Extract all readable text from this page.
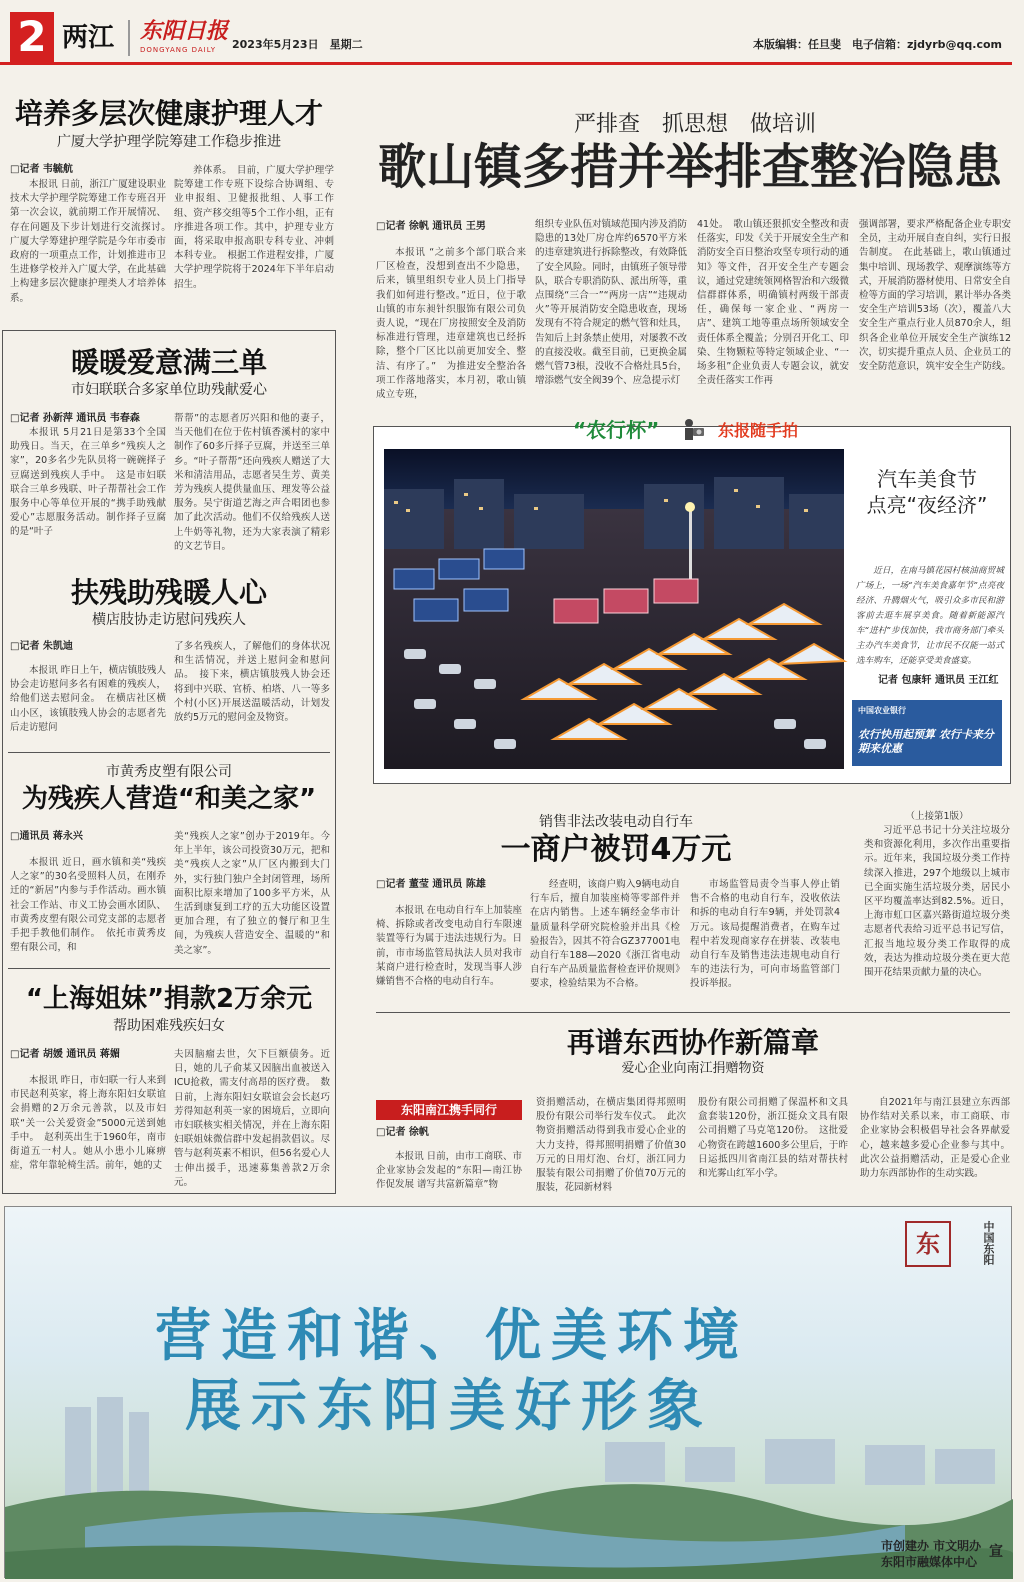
2 两江 东阳日报
DONGYANG DAILY 2023年5月23日　星期二	本版编辑：任旦斐　电子信箱：zjdyrb@qq.com
培养多层次健康护理人才
广厦大学护理学院筹建工作稳步推进
□记者 韦毓航
本报讯 日前，浙江广厦建设职业技术大学护理学院筹建工作专班召开第一次会议，就前期工作开展情况、存在问题及下步计划进行交流探讨。　广厦大学筹建护理学院是今年市委市政府的一项重点工作，计划推进市卫生进修学校并入广厦大学，在此基础上构建多层次健康护理类人才培养体系。
养体系。　目前，广厦大学护理学院筹建工作专班下设综合协调组、专业申报组、卫健报批组、人事工作组、资产移交组等5个工作小组，正有序推进各项工作。其中，护理专业方面，将采取申报高职专科专业、冲刺本科专业。　根据工作进程安排，广厦大学护理学院将于2024年下半年启动招生。
暖暖爱意满三单
市妇联联合多家单位助残献爱心
□记者 孙新萍 通讯员 韦春森
本报讯 5月21日是第33个全国助残日。当天，在三单乡“残疾人之家”，20多名少先队员将一碗碗择子豆腐送到残疾人手中。　这是市妇联联合三单乡残联、叶子帮帮社会工作服务中心等单位开展的“携手助残献爱心”志愿服务活动。制作择子豆腐的是“叶子
帮帮”的志愿者厉兴阳和他的妻子，当天他们在位于佐村镇香溪村的家中制作了60多斤择子豆腐，并送至三单乡。“叶子帮帮”还向残疾人赠送了大米和清洁用品，志愿者吴生芳、黄美芳为残疾人提供量血压、理发等公益服务。吴宁街道艺海之声合唱团也参加了此次活动。他们不仅给残疾人送上牛奶等礼物，还为大家表演了精彩的文艺节目。
扶残助残暖人心
横店肢协走访慰问残疾人
□记者 朱凯迪
本报讯 昨日上午，横店镇肢残人协会走访慰问多名有困难的残疾人，给他们送去慰问金。　在横店社区横山小区，该镇肢残人协会的志愿者先后走访慰问
了多名残疾人，了解他们的身体状况和生活情况，并送上慰问金和慰问品。　接下来，横店镇肢残人协会还将到中兴联、官桥、柏塔、八一等多个村(小区)开展送温暖活动，计划发放约5万元的慰问金及物资。
市黄秀皮塑有限公司
为残疾人营造“和美之家”
□通讯员 蒋永兴
本报讯 近日，画水镇和美“残疾人之家”的30名受照料人员，在刚乔迁的“新居”内参与手作活动。画水镇社会工作站、市义工协会画水团队、市黄秀皮塑有限公司党支部的志愿者手把手教他们制作。　依托市黄秀皮塑有限公司，和
美“残疾人之家”创办于2019年。今年上半年，该公司投资30万元，把和美“残疾人之家”从厂区内搬到大门外，实行独门独户全封闭管理，场所面积比原来增加了100多平方米，从生活到康复到工疗的五大功能区设置更加合理，有了独立的餐厅和卫生间，为残疾人营造安全、温暖的“和美之家”。
“上海姐妹”捐款2万余元
帮助困难残疾妇女
□记者 胡媛 通讯员 蒋媚
本报讯 昨日，市妇联一行人来到市民赵利英家，将上海东阳妇女联谊会捐赠的2万余元善款，以及市妇联“关一公关爱资金”5000元送到她手中。　赵利英出生于1960年，南市街道五一村人。她从小患小儿麻痹症，常年靠轮椅生活。前年，她的丈
夫因脑瘤去世，欠下巨额债务。近日，她的儿子俞某又因脑出血被送入ICU抢救，需支付高昂的医疗费。　数日前，上海东阳妇女联谊会会长赵巧芳得知赵利英一家的困境后，立即向市妇联核实相关情况，并在上海东阳妇联姐妹微信群中发起捐款倡议。尽管与赵利英素不相识，但56名爱心人士伸出援手，迅速募集善款2万余元。
严排查　抓思想　做培训
歌山镇多措并举排查整治隐患
□记者 徐帆 通讯员 王男
本报讯 “之前多个部门联合来厂区检查，没想到查出不少隐患，后来，镇里组织专业人员上门指导我们如何进行整改。”近日，位于歌山镇的市东昶针织服饰有限公司负责人说，“现在厂房按照安全及消防标准进行管理，违章建筑也已经拆除，整个厂区比以前更加安全、整洁、有序了。”　为推进安全整治各项工作落地落实，本月初，歌山镇成立专班，
组织专业队伍对镇域范围内涉及消防隐患的13处厂房仓库约6570平方米的违章建筑进行拆除整改，有效降低了安全风险。同时，由镇班子领导带队，联合专职消防队、派出所等，重点围绕“三合一”“两房一店”“违规动火”等开展消防安全隐患收查，现场发现有不符合规定的燃气管和灶具，告知后上封条禁止使用，对屡教不改的直接没收。截至目前，已更换金属燃气管73根，没收不合格灶具5台，增添燃气安全阀39个、应急提示灯
41处。　歌山镇还狠抓安全整改和责任落实，印发《关于开展安全生产和消防安全百日整治攻坚专项行动的通知》等文件，召开安全生产专题会议，通过党建统领网格智治和六级微信群群体系，明确镇村两级干部责任，确保每一家企业、“两房一店”、建筑工地等重点场所领域安全责任体系全覆盖；分别召开化工、印染、生物颗粒等特定领域企业、“一场多租”企业负责人专题会议，就安全责任落实工作再
强调部署，要求严格配备企业专职安全员，主动开展自查自纠，实行日报告制度。　在此基础上，歌山镇通过集中培训、现场教学、观摩演练等方式，开展消防器材使用、日常安全自检等方面的学习培训，累计举办各类安全生产培训53场（次），覆盖八大安全生产重点行业人员870余人，组织各企业单位开展安全生产演练12次，切实提升重点人员、企业员工的安全防范意识，筑牢安全生产防线。
“农行杯”	东报随手拍
汽车美食节
点亮“夜经济”
近日，在南马镇花园村核油商贸城广场上，一场“汽车美食嘉年节”点亮夜经济、升腾烟火气，吸引众多市民和游客前去逛车展享美食。随着新能源汽车“进村”步伐加快，我市商务部门牵头主办汽车美食节，让市民不仅能一站式选车购车，还能享受美食盛宴。
记者 包康轩 通讯员 王江红
中国农业银行
农行快用起预算 农行卡来分期来优惠
销售非法改装电动自行车
一商户被罚4万元
□记者 董莹 通讯员 陈雄
本报讯 在电动自行车上加装座椅、拆除或者改变电动自行车限速装置等行为属于违法违规行为。日前，市市场监管局执法人员对我市某商户进行检查时，发现当事人涉嫌销售不合格的电动自行车。
经查明，该商户购入9辆电动自行车后，擅自加装座椅等零部件并在店内销售。上述车辆经金华市计量质量科学研究院检验并出具《检验报告》，因其不符合GZ377001电动自行车188—2020《浙江省电动自行车产品质量监督检查评价规则》要求，检验结果为不合格。
市场监管局责令当事人停止销售不合格的电动自行车，没收依法和拆的电动自行车9辆，并处罚款4万元。该局提醒消费者，在购车过程中若发现商家存在拼装、改装电动自行车及销售违法违规电动自行车的违法行为，可向市场监管部门投诉举报。
（上接第1版）
习近平总书记十分关注垃圾分类和资源化利用，多次作出重要指示。近年来，我国垃圾分类工作持续深入推进，297个地级以上城市已全面实施生活垃圾分类，居民小区平均覆盖率达到82.5%。近日，上海市虹口区嘉兴路街道垃圾分类志愿者代表给习近平总书记写信，汇报当地垃圾分类工作取得的成效，表达为推动垃圾分类在更大范围开花结果贡献力量的决心。
再谱东西协作新篇章
爱心企业向南江捐赠物资
东阳南江携手同行
□记者 徐帆
本报讯 日前，由市工商联、市企业家协会发起的“东阳—南江协作促发展 谱写共富新篇章”物
资捐赠活动，在横店集团得邦照明股份有限公司举行发车仪式。　此次物资捐赠活动得到我市爱心企业的大力支持，得邦照明捐赠了价值30万元的日用灯泡、台灯，浙江同力服装有限公司捐赠了价值70万元的服装，花园新材料
股份有限公司捐赠了保温杯和文具盒套装120份，浙江挺众文具有限公司捐赠了马克笔120份。　这批爱心物资在跨越1600多公里后，于昨日运抵四川省南江县的结对帮扶村和光雾山红军小学。
自2021年与南江县建立东西部协作结对关系以来，市工商联、市企业家协会积极倡导社会各界献爱心，越来越多爱心企业参与其中。此次公益捐赠活动，正是爱心企业助力东西部协作的生动实践。
东	中国东阳
营造和谐、优美环境
展示东阳美好形象
市创建办 市文明办
东阳市融媒体中心
宣
